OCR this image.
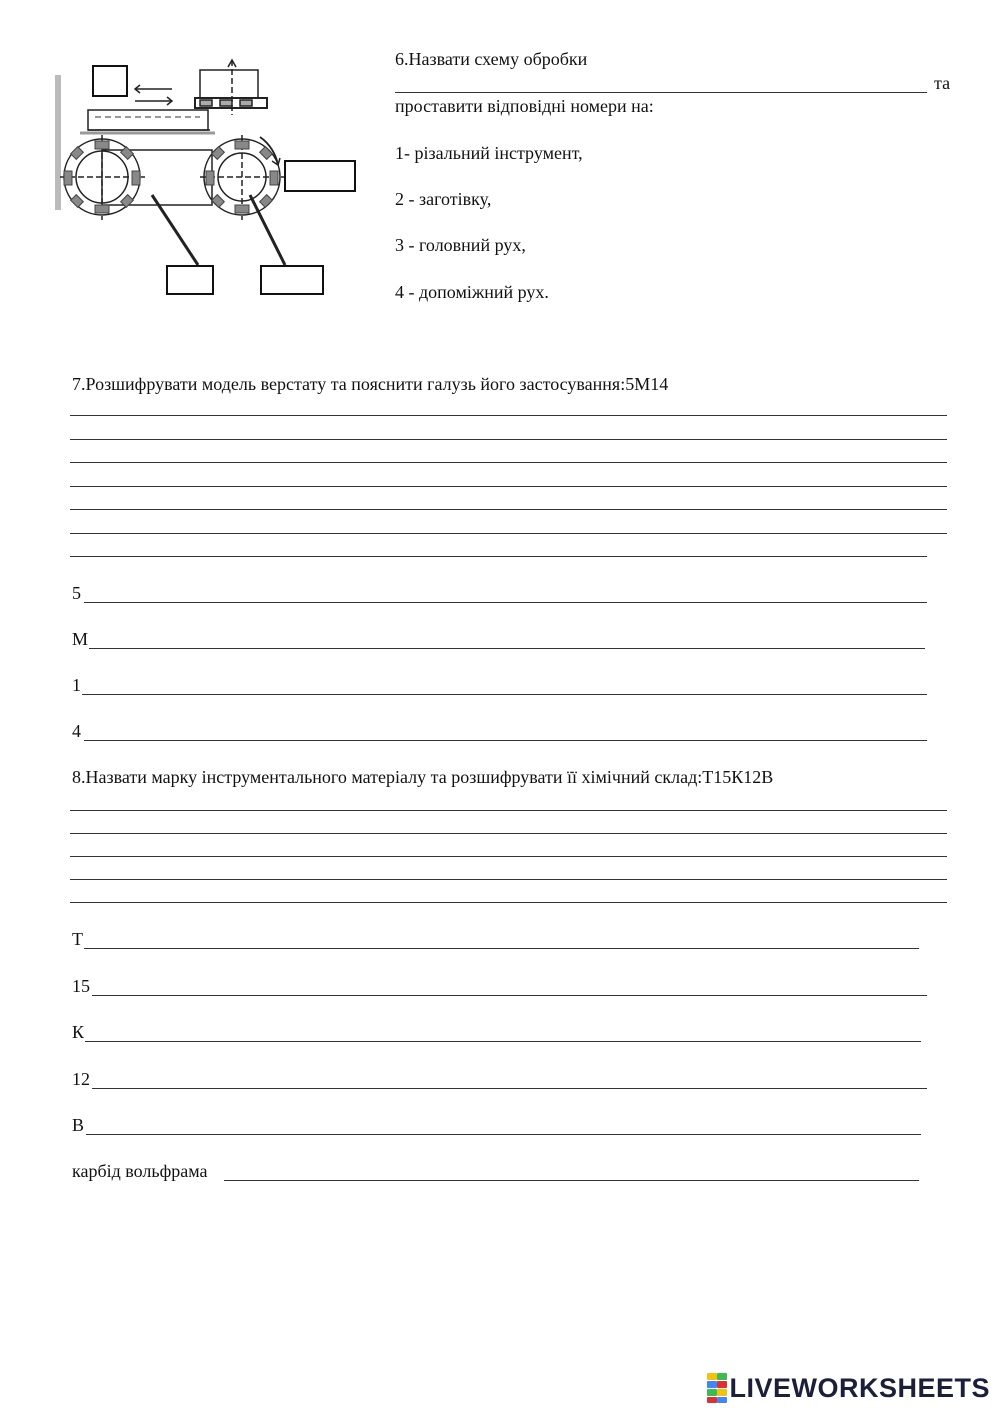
6.Назвати схему обробки
та
проставити відповідні номери на:
1- різальний інструмент,
2 - заготівку,
3 - головний рух,
4 - допоміжний рух.
7.Розшифрувати модель верстату та пояснити галузь його застосування:5М14
5
М
1
4
8.Назвати марку інструментального матеріалу та розшифрувати її хімічний склад:Т15К12В
Т
15
К
12
В
карбід вольфрама
LIVEWORKSHEETS
